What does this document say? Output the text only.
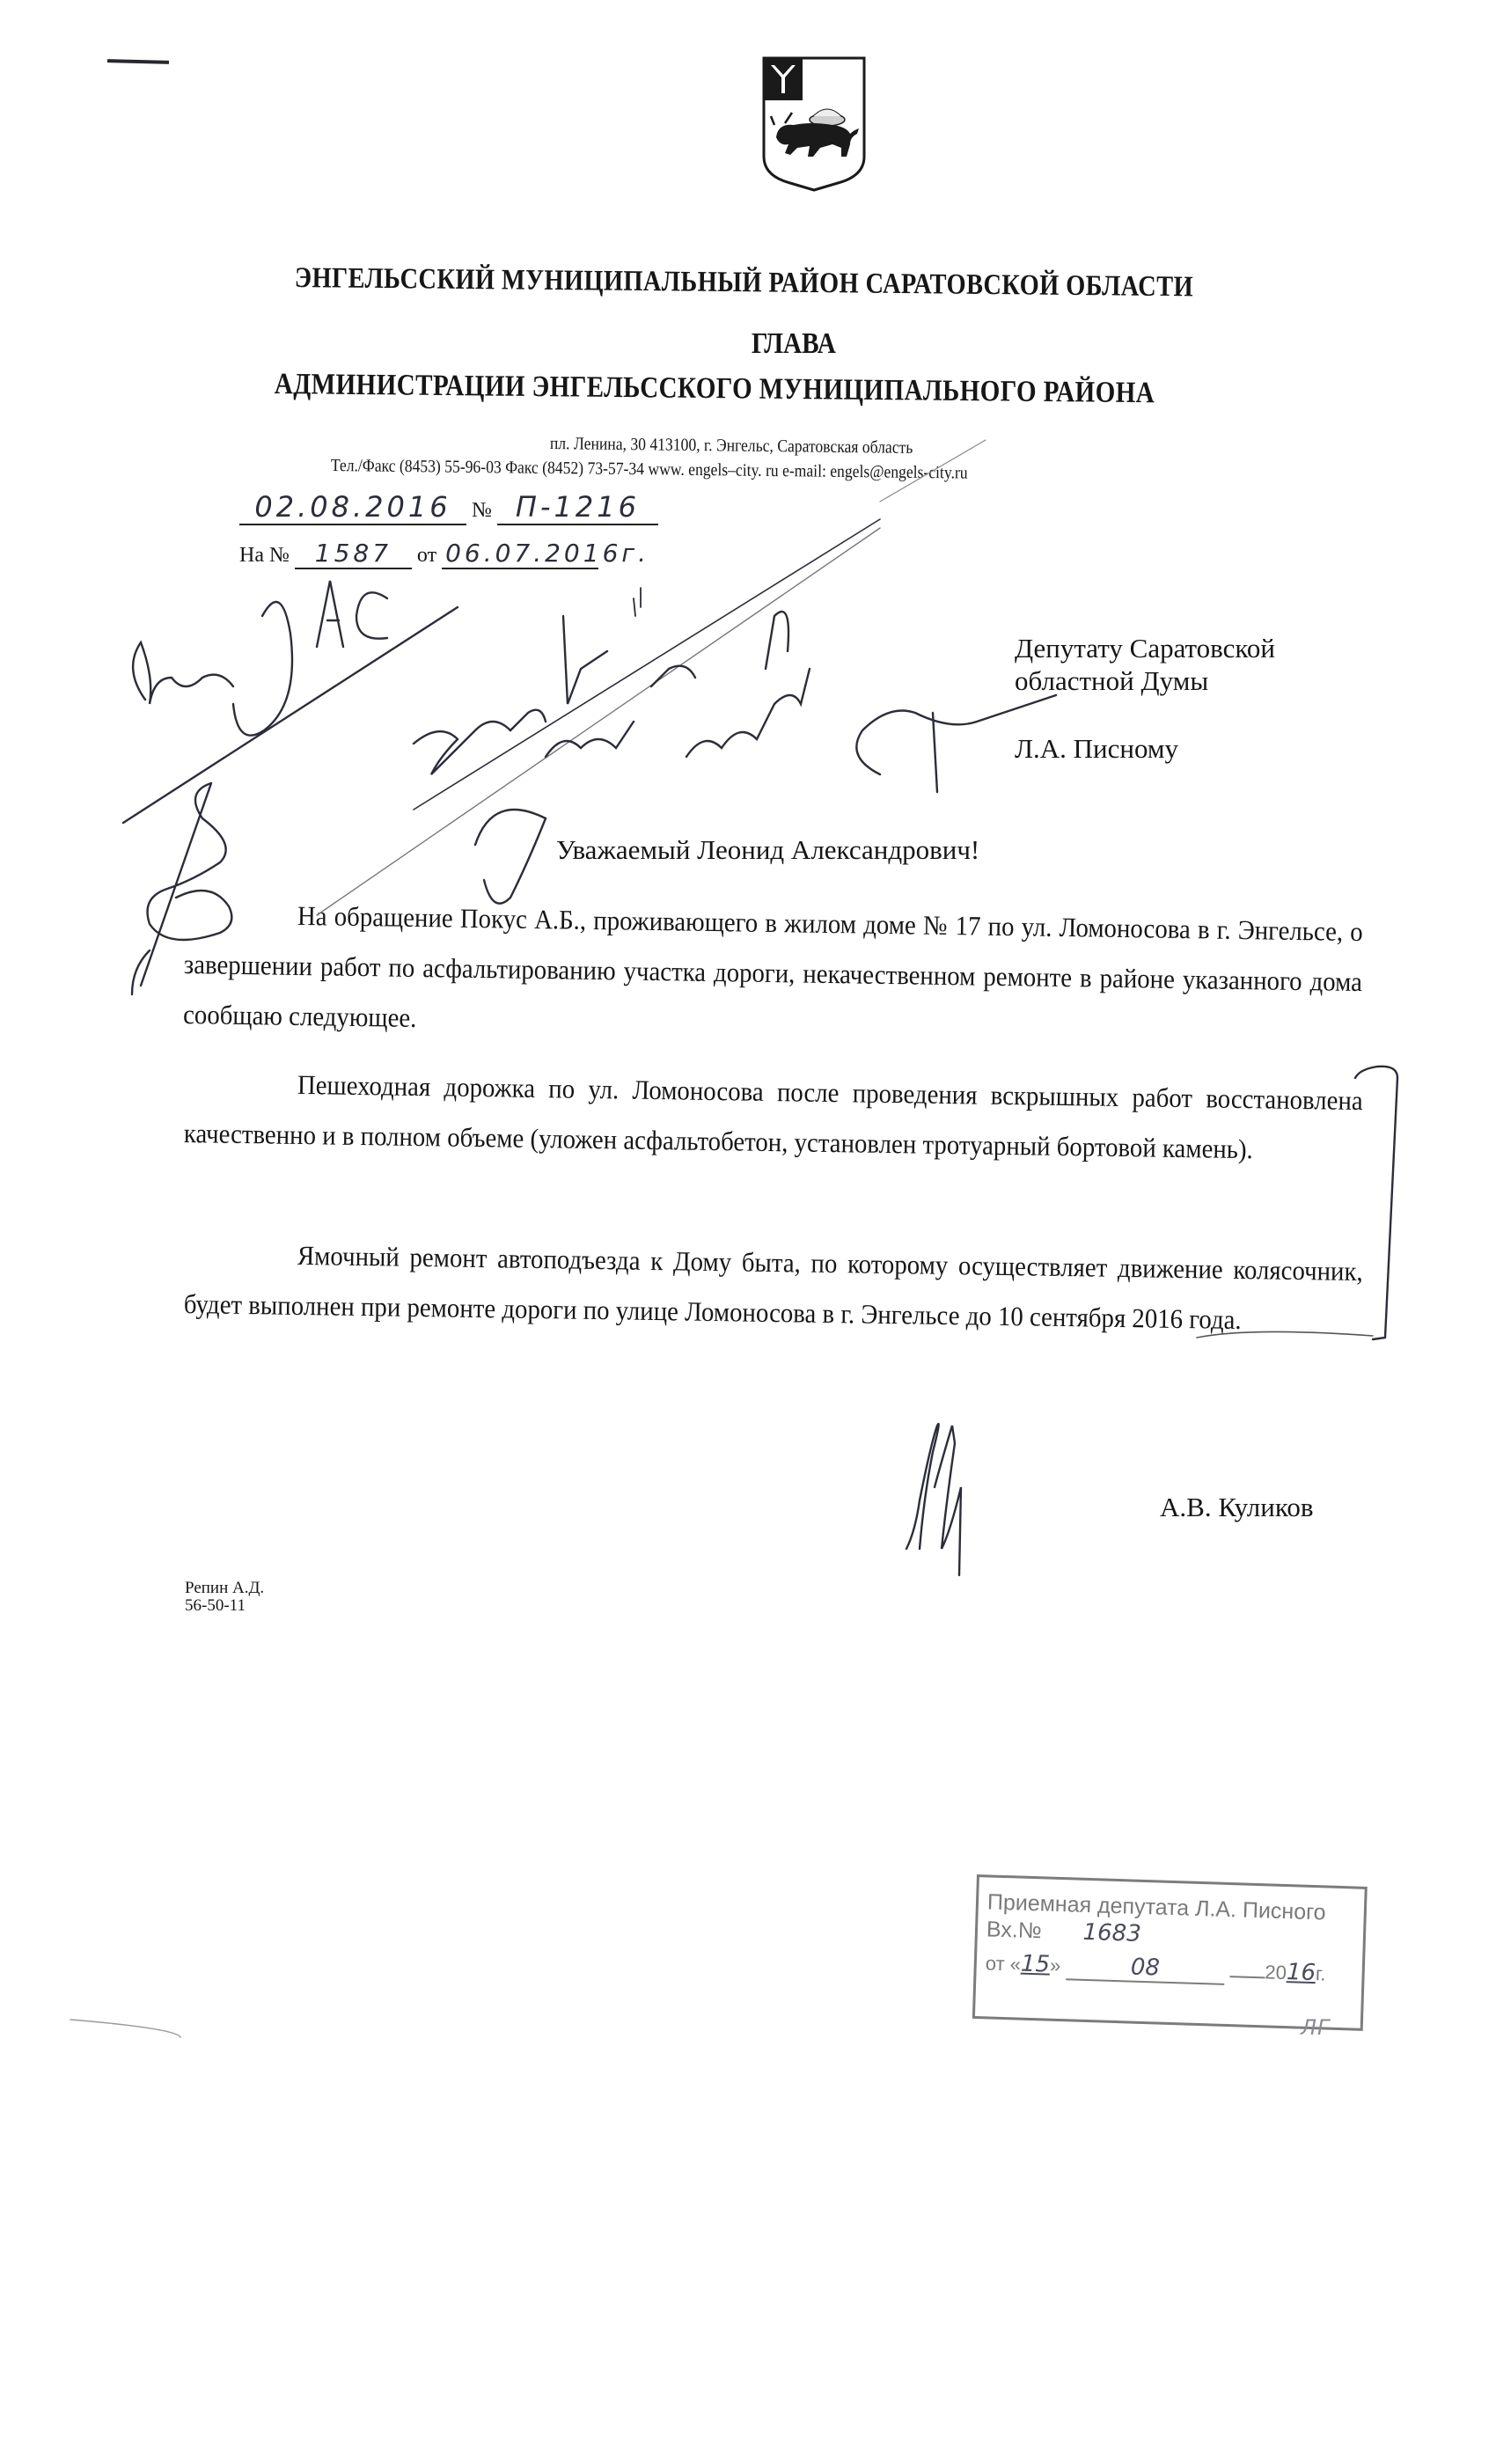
ЭНГЕЛЬССКИЙ МУНИЦИПАЛЬНЫЙ РАЙОН САРАТОВСКОЙ ОБЛАСТИ
ГЛАВА
АДМИНИСТРАЦИИ ЭНГЕЛЬССКОГО МУНИЦИПАЛЬНОГО РАЙОНА
пл. Ленина, 30 413100, г. Энгельс, Саратовская область
Тел./Факс (8453) 55-96-03 Факс (8452) 73-57-34 www. engels–city. ru e-mail: engels@engels-city.ru
02.08.2016 № П-1216
На № 1587 от 06.07.2016г.
Депутату Саратовской
областной Думы
Л.А. Писному
Уважаемый Леонид Александрович!

На обращение Покус А.Б., проживающего в жилом доме № 17 по ул. Ломоносова в г. Энгельсе, о завершении работ по асфальтированию участка дороги, некачественном ремонте в районе указанного дома сообщаю следующее.

Пешеходная дорожка по ул. Ломоносова после проведения вскрышных работ восстановлена качественно и в полном объеме (уложен асфальтобетон, установлен тротуарный бортовой камень).

Ямочный ремонт автоподъезда к Дому быта, по которому осуществляет движение колясочник, будет выполнен при ремонте дороги по улице Ломоносова в г. Энгельсе до 10 сентября 2016 года.

А.В. Куликов
Репин А.Д.
56-50-11
Приемная депутата Л.А. Писного
Вх.№ 1683
от «15»	08	2016г.
ЛГ
